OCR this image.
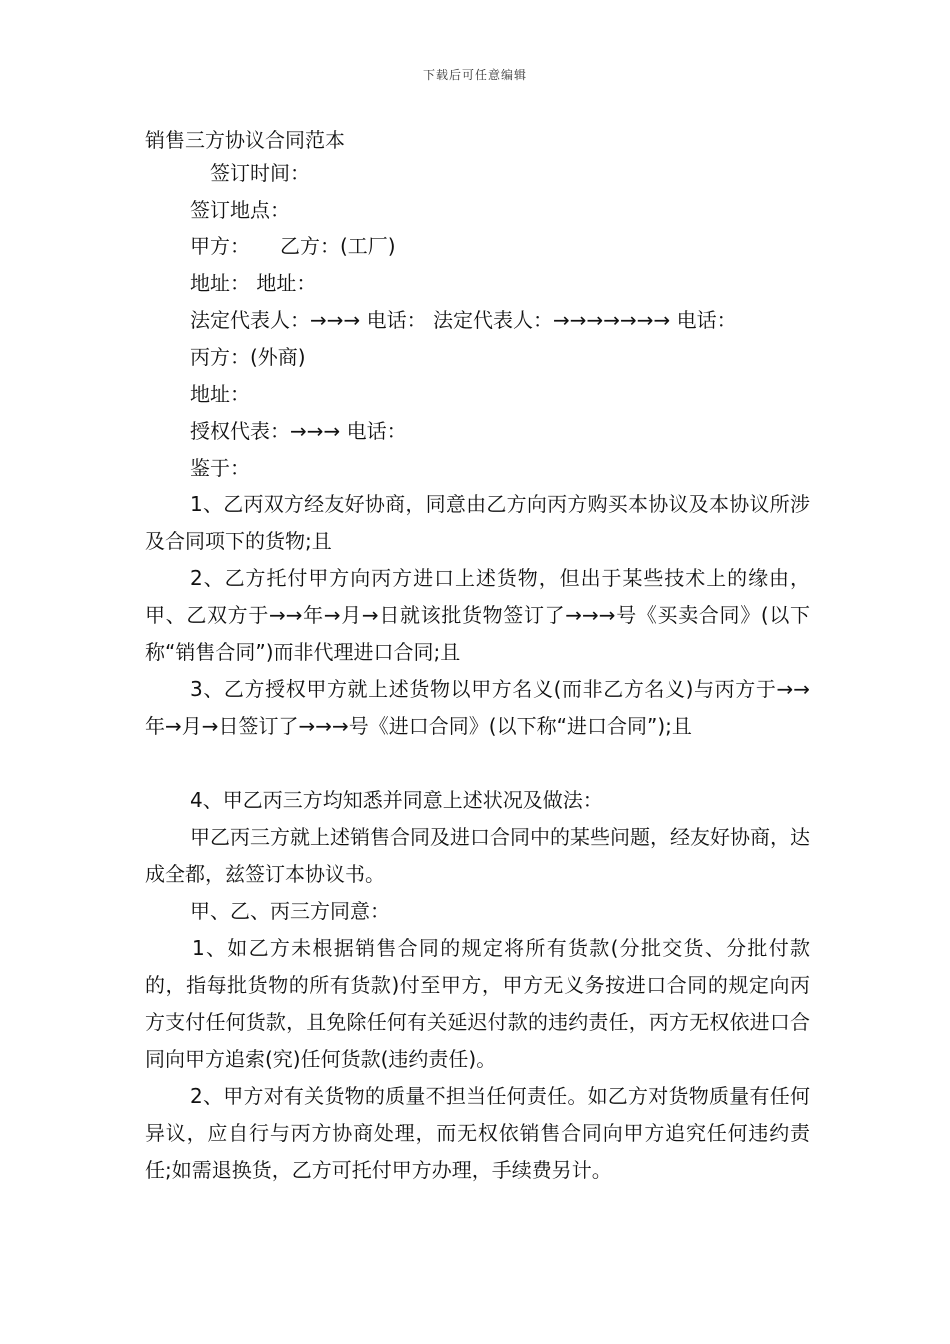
下载后可任意编辑
销售三方协议合同范本
签订时间：
签订地点：
甲方：　　乙方：(工厂)
地址： 地址：
法定代表人：→→→ 电话： 法定代表人：→→→→→→→ 电话：
丙方：(外商)
地址：
授权代表：→→→ 电话：
鉴于：

1、乙丙双方经友好协商，同意由乙方向丙方购买本协议及本协议所涉及合同项下的货物;且

2、乙方托付甲方向丙方进口上述货物，但出于某些技术上的缘由，甲、乙双方于→→年→月→日就该批货物签订了→→→号《买卖合同》(以下称“销售合同”)而非代理进口合同;且

3、乙方授权甲方就上述货物以甲方名义(而非乙方名义)与丙方于→→年→月→日签订了→→→号《进口合同》(以下称“进口合同”);且

4、甲乙丙三方均知悉并同意上述状况及做法：

甲乙丙三方就上述销售合同及进口合同中的某些问题，经友好协商，达成全都，兹签订本协议书。

甲、乙、丙三方同意：

1、如乙方未根据销售合同的规定将所有货款(分批交货、分批付款的，指每批货物的所有货款)付至甲方，甲方无义务按进口合同的规定向丙方支付任何货款，且免除任何有关延迟付款的违约责任，丙方无权依进口合同向甲方追索(究)任何货款(违约责任)。

2、甲方对有关货物的质量不担当任何责任。如乙方对货物质量有任何异议，应自行与丙方协商处理，而无权依销售合同向甲方追究任何违约责任;如需退换货，乙方可托付甲方办理，手续费另计。
